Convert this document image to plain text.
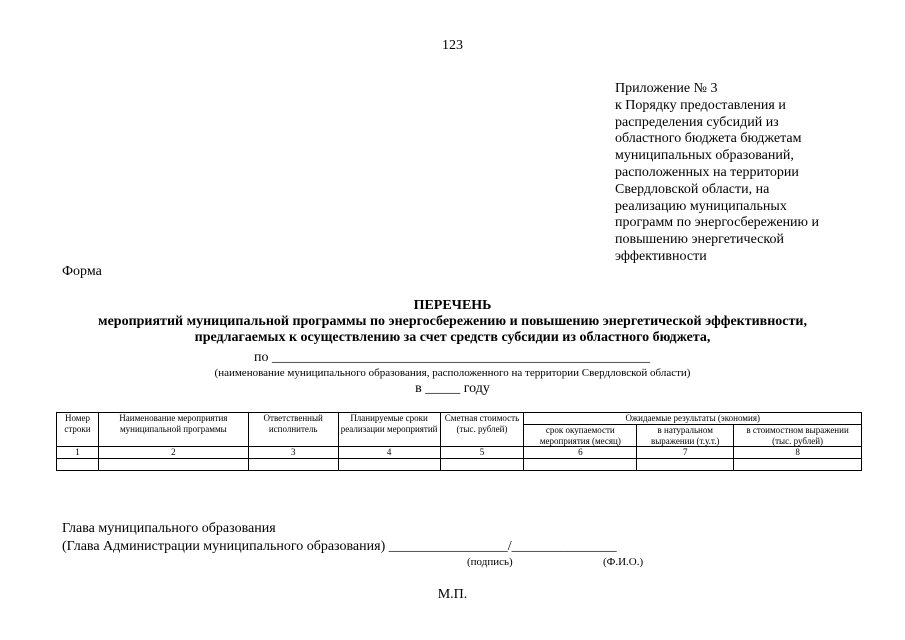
123
Приложение № 3
к Порядку предоставления и
распределения субсидий из
областного бюджета бюджетам
муниципальных образований,
расположенных на территории
Свердловской области, на
реализацию муниципальных
программ по энергосбережению и
повышению энергетической
эффективности
Форма
ПЕРЕЧЕНЬ
мероприятий муниципальной программы по энергосбережению и повышению энергетической эффективности,
предлагаемых к осуществлению за счет средств субсидии из областного бюджета,
по ______________________________________________________
(наименование муниципального образования, расположенного на территории Свердловской области)
в _____ году
Номер строки	Наименование мероприятия муниципальной программы	Ответственный исполнитель	Планируемые сроки реализации мероприятий	Сметная стоимость (тыс. рублей)	Ожидаемые результаты (экономия)		
					срок окупаемости мероприятия (месяц)	в натуральном выражении (т.у.т.)	в стоимостном выражении (тыс. рублей)
1	2	3	4	5	6	7	8

Глава муниципального образования
(Глава Администрации муниципального образования) _________________/_______________
(подпись)	(Ф.И.О.)
М.П.
